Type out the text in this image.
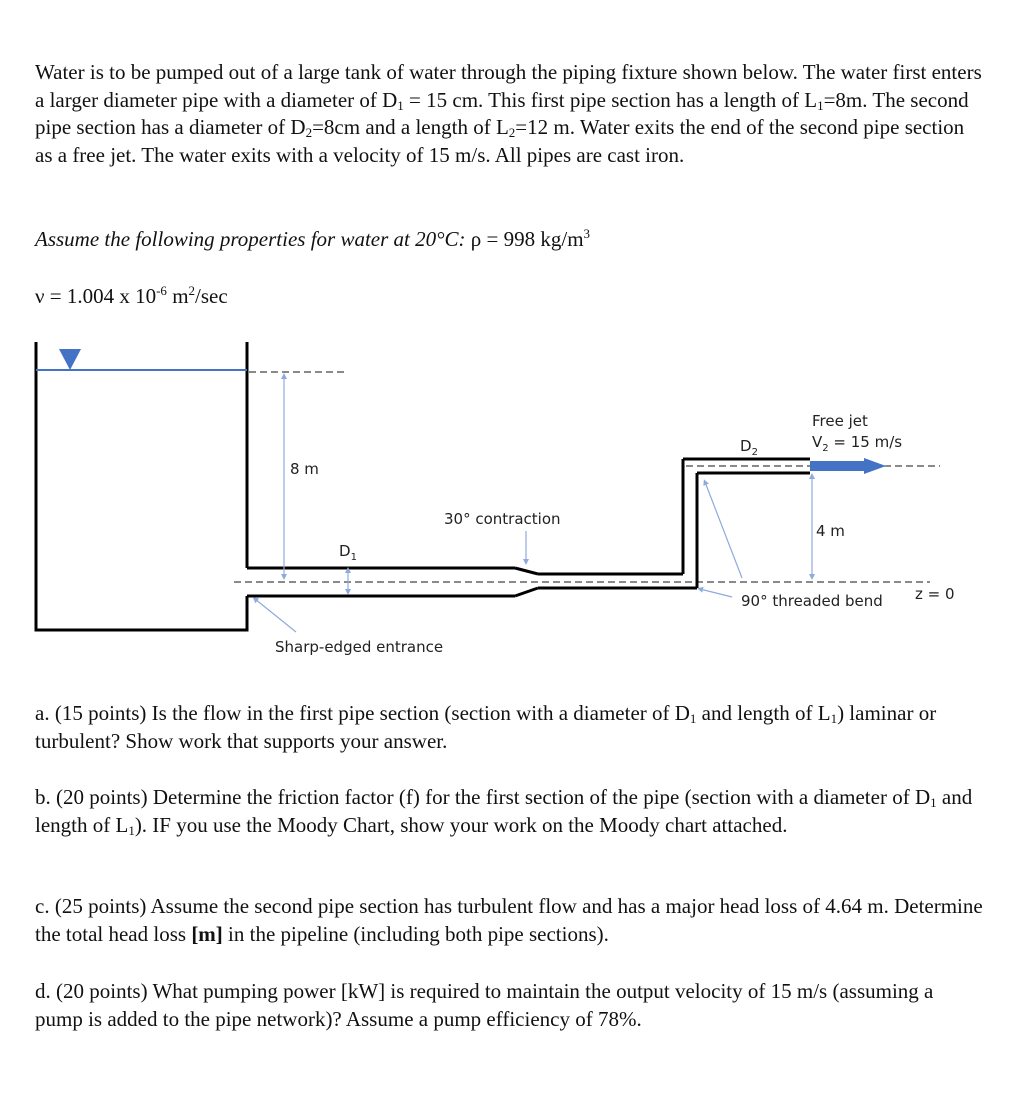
Water is to be pumped out of a large tank of water through the piping fixture shown below. The water first enters a larger diameter pipe with a diameter of $D_1 = 15$ cm. This first pipe section has a length of $L_1=8m$. The second pipe section has a diameter of $D_2=8cm$ and a length of $L_2=12$ m. Water exits the end of the second pipe section as a free jet. The water exits with a velocity of 15 m/s. All pipes are cast iron.

Assume the following properties for water at 20°C: ρ = 998 $kg/m^3$

ν = 1.004 x $10^{-6}$ $m^2/\sec$

8 m
$D_1$
30° contraction
Sharp-edged entrance
$D_2$
Free jet
$V_2 = 15$ m/s
4 m
90° threaded bend z = 0

a. (15 points) Is the flow in the first pipe section (section with a diameter of $D_1$ and length of $L_1$) laminar or turbulent? Show work that supports your answer.

b. (20 points) Determine the friction factor (f) for the first section of the pipe (section with a diameter of $D_1$ and length of $L_1$). IF you use the Moody Chart, show your work on the Moody chart attached.

c. (25 points) Assume the second pipe section has turbulent flow and has a major head loss of 4.64 m. Determine the total head loss [m] in the pipeline (including both pipe sections).

d. (20 points) What pumping power [kW] is required to maintain the output velocity of 15 m/s (assuming a pump is added to the pipe network)? Assume a pump efficiency of 78%.
